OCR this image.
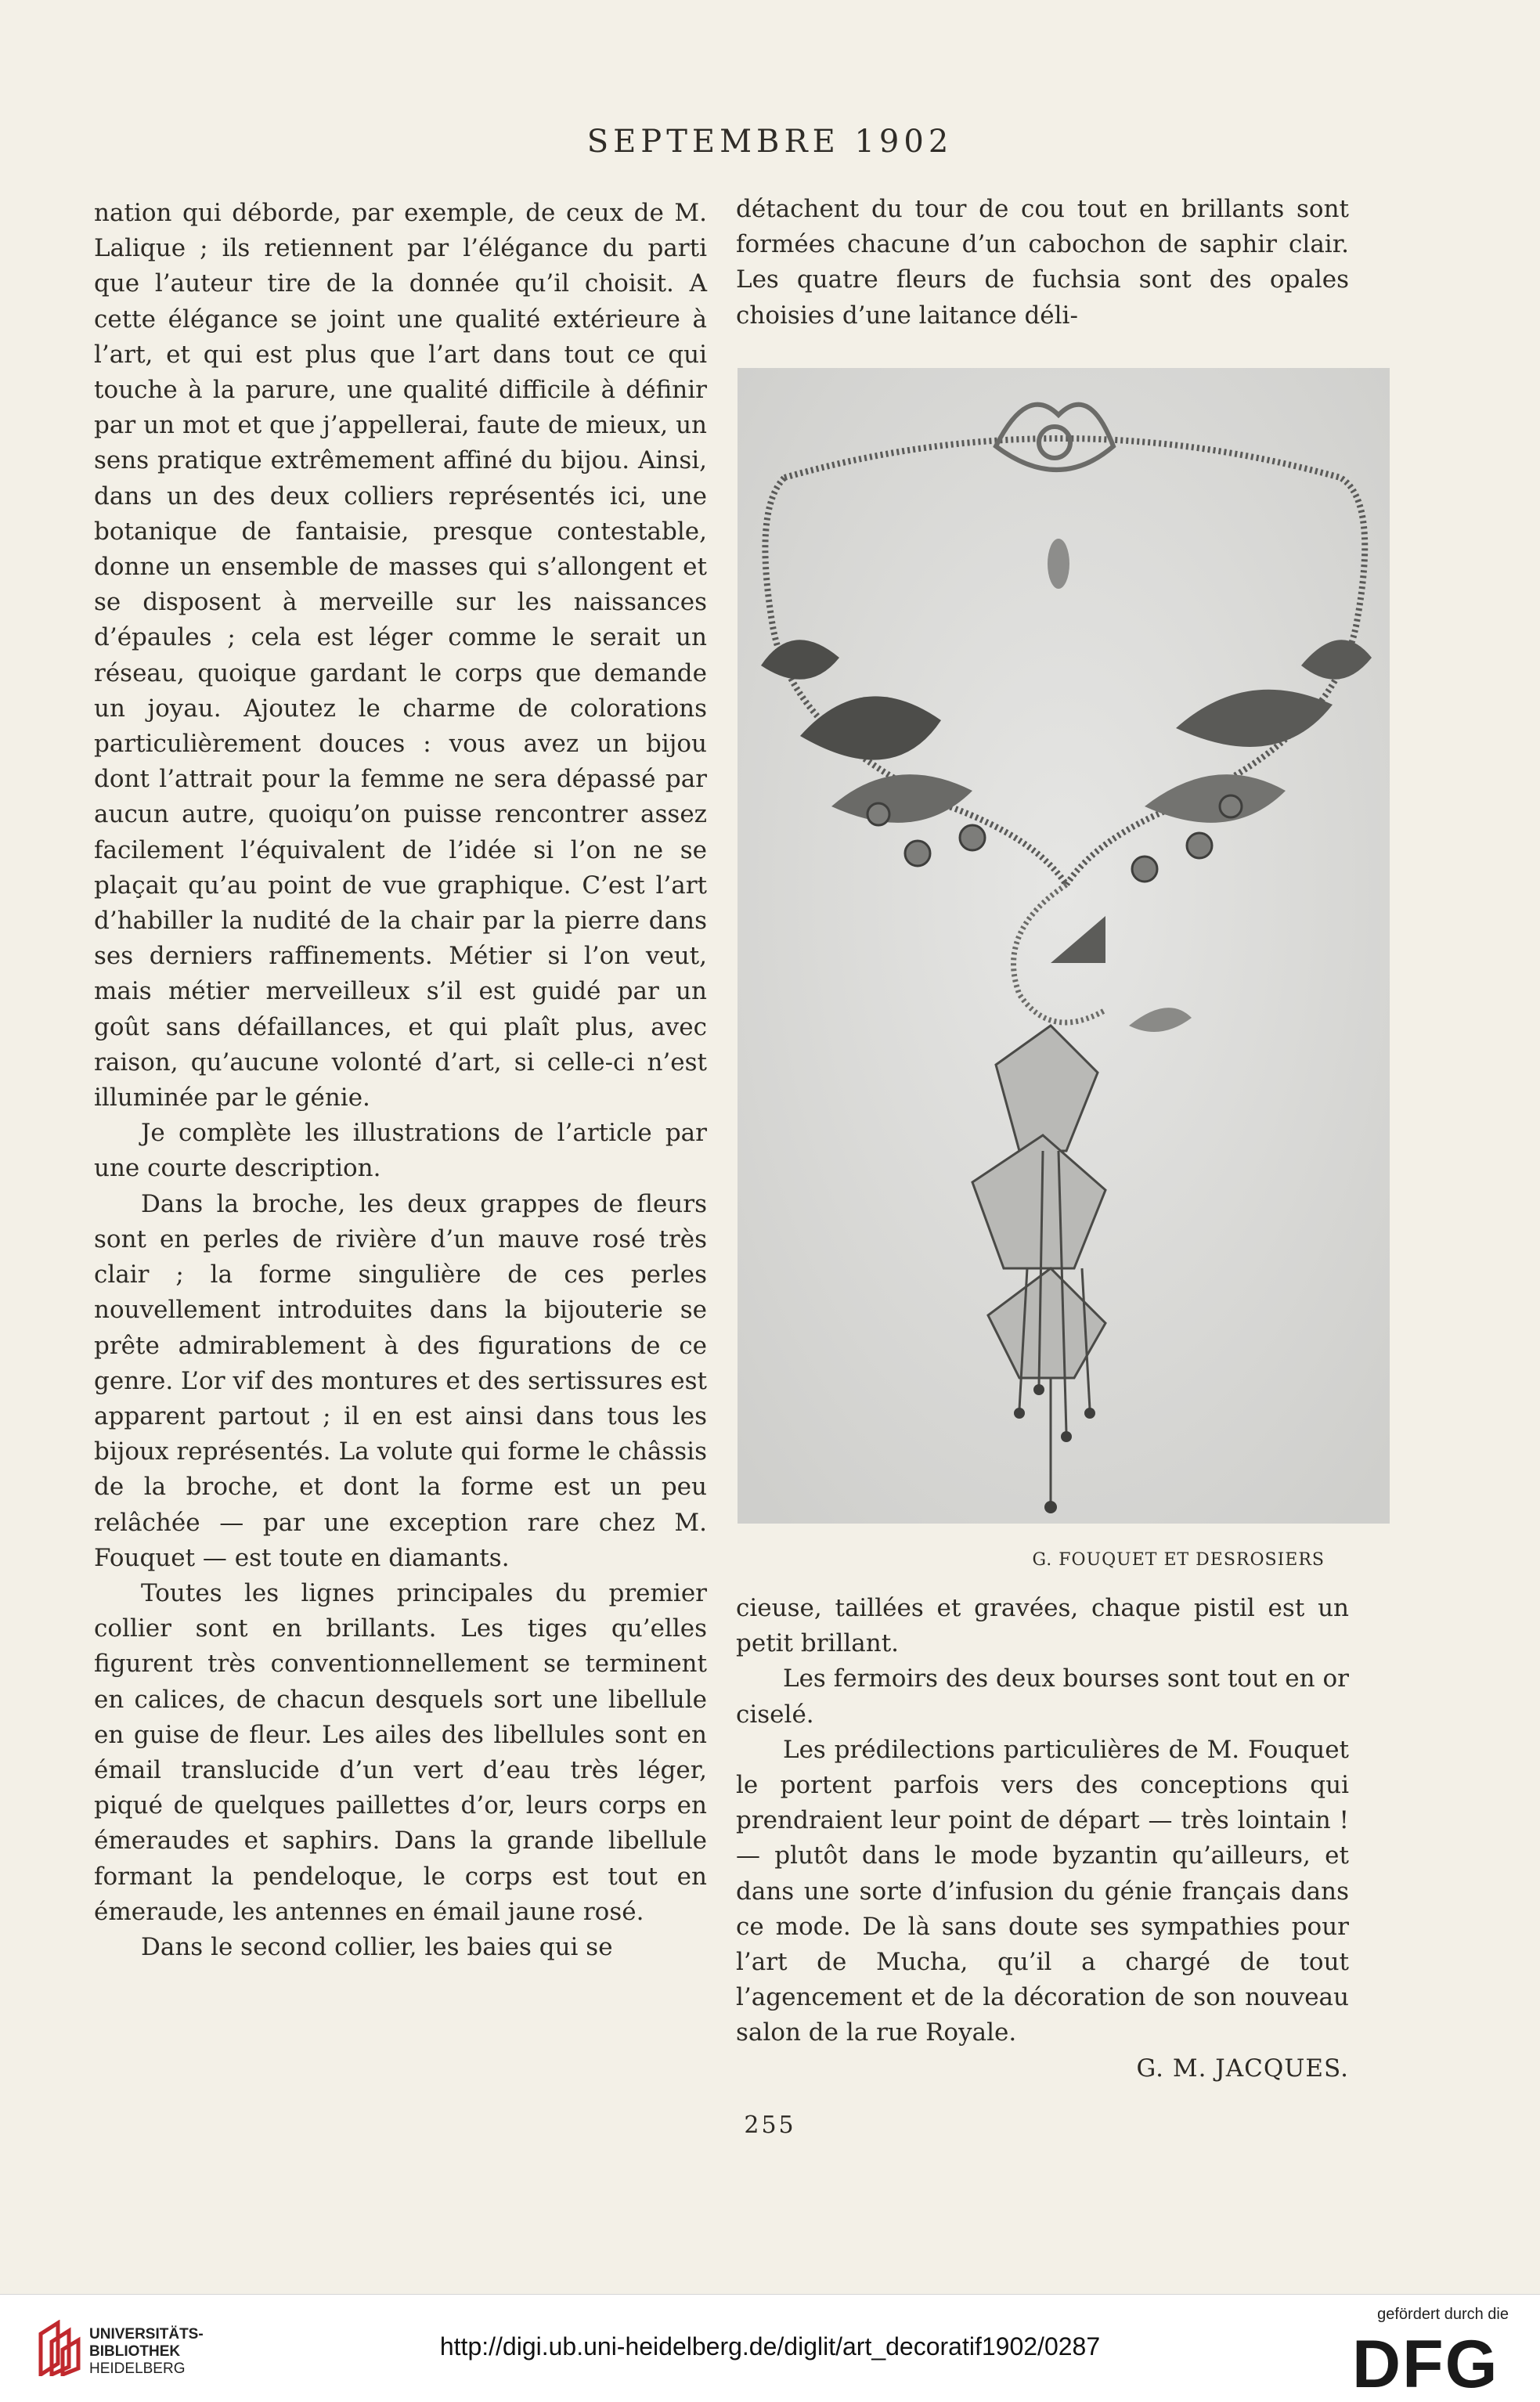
SEPTEMBRE 1902

nation qui déborde, par exemple, de ceux de M. Lalique ; ils retiennent par l’élégance du parti que l’auteur tire de la donnée qu’il choisit. A cette élégance se joint une qualité extérieure à l’art, et qui est plus que l’art dans tout ce qui touche à la parure, une qualité difficile à définir par un mot et que j’appellerai, faute de mieux, un sens pratique extrêmement affiné du bijou. Ainsi, dans un des deux colliers représentés ici, une botanique de fantaisie, presque contestable, donne un ensemble de masses qui s’allongent et se disposent à merveille sur les naissances d’épaules ; cela est léger comme le serait un réseau, quoique gardant le corps que demande un joyau. Ajoutez le charme de colorations particulièrement douces : vous avez un bijou dont l’attrait pour la femme ne sera dépassé par aucun autre, quoiqu’on puisse rencontrer assez facilement l’équivalent de l’idée si l’on ne se plaçait qu’au point de vue graphique. C’est l’art d’habiller la nudité de la chair par la pierre dans ses derniers raffinements. Métier si l’on veut, mais métier merveilleux s’il est guidé par un goût sans défaillances, et qui plaît plus, avec raison, qu’aucune volonté d’art, si celle-ci n’est illuminée par le génie.

Je complète les illustrations de l’article par une courte description.

Dans la broche, les deux grappes de fleurs sont en perles de rivière d’un mauve rosé très clair ; la forme singulière de ces perles nouvellement introduites dans la bijouterie se prête admirablement à des figurations de ce genre. L’or vif des montures et des sertissures est apparent partout ; il en est ainsi dans tous les bijoux représentés. La volute qui forme le châssis de la broche, et dont la forme est un peu relâchée — par une exception rare chez M. Fouquet — est toute en diamants.

Toutes les lignes principales du premier collier sont en brillants. Les tiges qu’elles figurent très conventionnellement se terminent en calices, de chacun desquels sort une libellule en guise de fleur. Les ailes des libellules sont en émail translucide d’un vert d’eau très léger, piqué de quelques paillettes d’or, leurs corps en émeraudes et saphirs. Dans la grande libellule formant la pendeloque, le corps est tout en émeraude, les antennes en émail jaune rosé.

Dans le second collier, les baies qui se

détachent du tour de cou tout en brillants sont formées chacune d’un cabochon de saphir clair. Les quatre fleurs de fuchsia sont des opales choisies d’une laitance déli-

G. FOUQUET ET DESROSIERS

cieuse, taillées et gravées, chaque pistil est un petit brillant.

Les fermoirs des deux bourses sont tout en or ciselé.

Les prédilections particulières de M. Fouquet le portent parfois vers des conceptions qui prendraient leur point de départ — très lointain ! — plutôt dans le mode byzantin qu’ailleurs, et dans une sorte d’infusion du génie français dans ce mode. De là sans doute ses sympathies pour l’art de Mucha, qu’il a chargé de tout l’agencement et de la décoration de son nouveau salon de la rue Royale.

G. M. JACQUES.

255
UNIVERSITÄTS-
BIBLIOTHEK
HEIDELBERG
http://digi.ub.uni-heidelberg.de/diglit/art_decoratif1902/0287
gefördert durch die
DFG
